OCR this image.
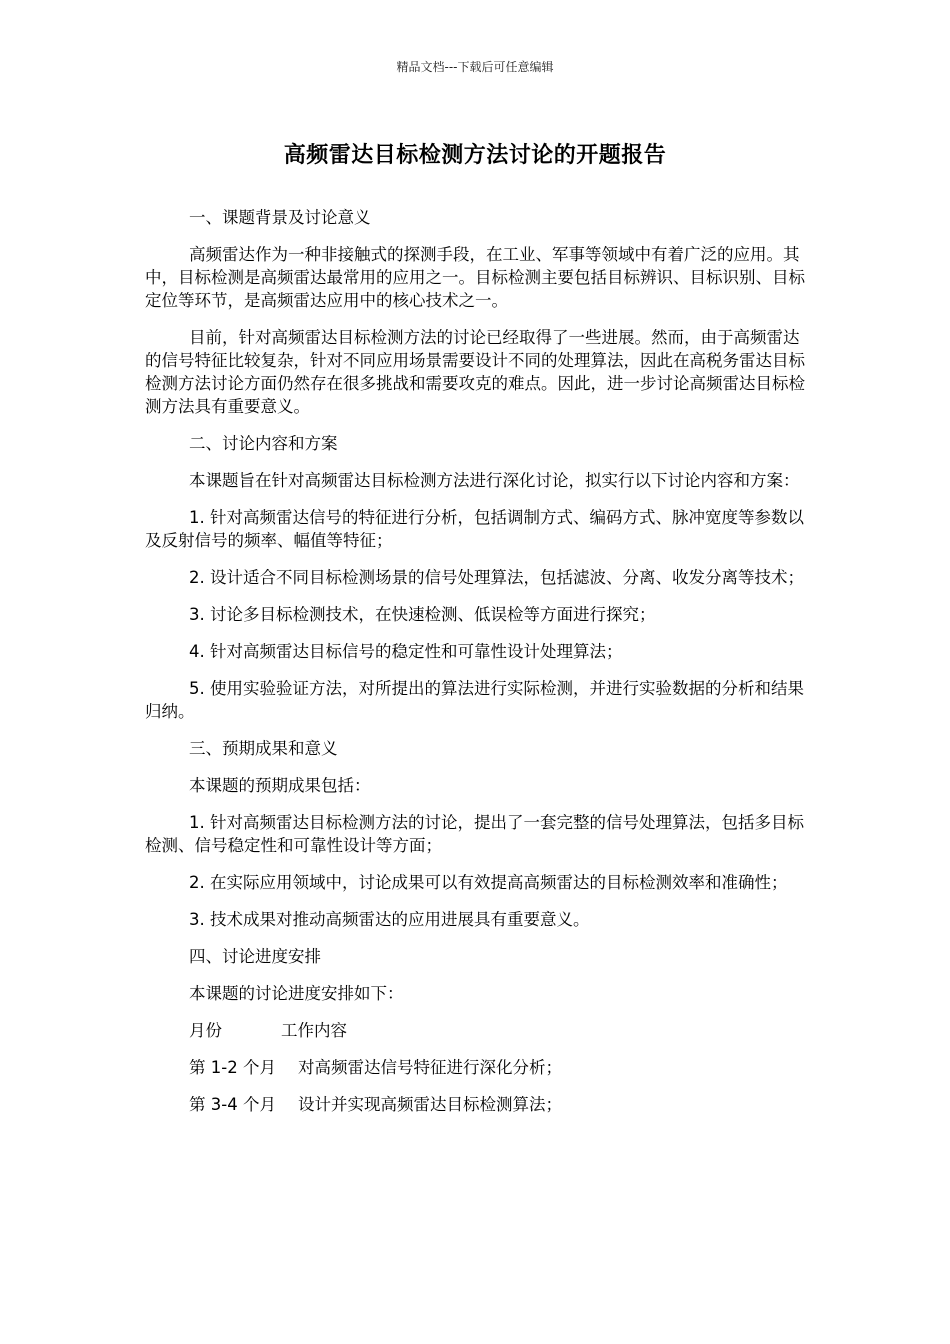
精品文档---下载后可任意编辑
高频雷达目标检测方法讨论的开题报告

一、课题背景及讨论意义

高频雷达作为一种非接触式的探测手段，在工业、军事等领域中有着广泛的应用。其中，目标检测是高频雷达最常用的应用之一。目标检测主要包括目标辨识、目标识别、目标定位等环节，是高频雷达应用中的核心技术之一。

目前，针对高频雷达目标检测方法的讨论已经取得了一些进展。然而，由于高频雷达的信号特征比较复杂，针对不同应用场景需要设计不同的处理算法，因此在高税务雷达目标检测方法讨论方面仍然存在很多挑战和需要攻克的难点。因此，进一步讨论高频雷达目标检测方法具有重要意义。

二、讨论内容和方案

本课题旨在针对高频雷达目标检测方法进行深化讨论，拟实行以下讨论内容和方案：

1. 针对高频雷达信号的特征进行分析，包括调制方式、编码方式、脉冲宽度等参数以及反射信号的频率、幅值等特征；

2. 设计适合不同目标检测场景的信号处理算法，包括滤波、分离、收发分离等技术；

3. 讨论多目标检测技术，在快速检测、低误检等方面进行探究；

4. 针对高频雷达目标信号的稳定性和可靠性设计处理算法；

5. 使用实验验证方法，对所提出的算法进行实际检测，并进行实验数据的分析和结果归纳。

三、预期成果和意义

本课题的预期成果包括：

1. 针对高频雷达目标检测方法的讨论，提出了一套完整的信号处理算法，包括多目标检测、信号稳定性和可靠性设计等方面；

2. 在实际应用领域中，讨论成果可以有效提高高频雷达的目标检测效率和准确性；

3. 技术成果对推动高频雷达的应用进展具有重要意义。

四、讨论进度安排

本课题的讨论进度安排如下：

月份	工作内容
第 1-2 个月 对高频雷达信号特征进行深化分析；
第 3-4 个月 设计并实现高频雷达目标检测算法；
